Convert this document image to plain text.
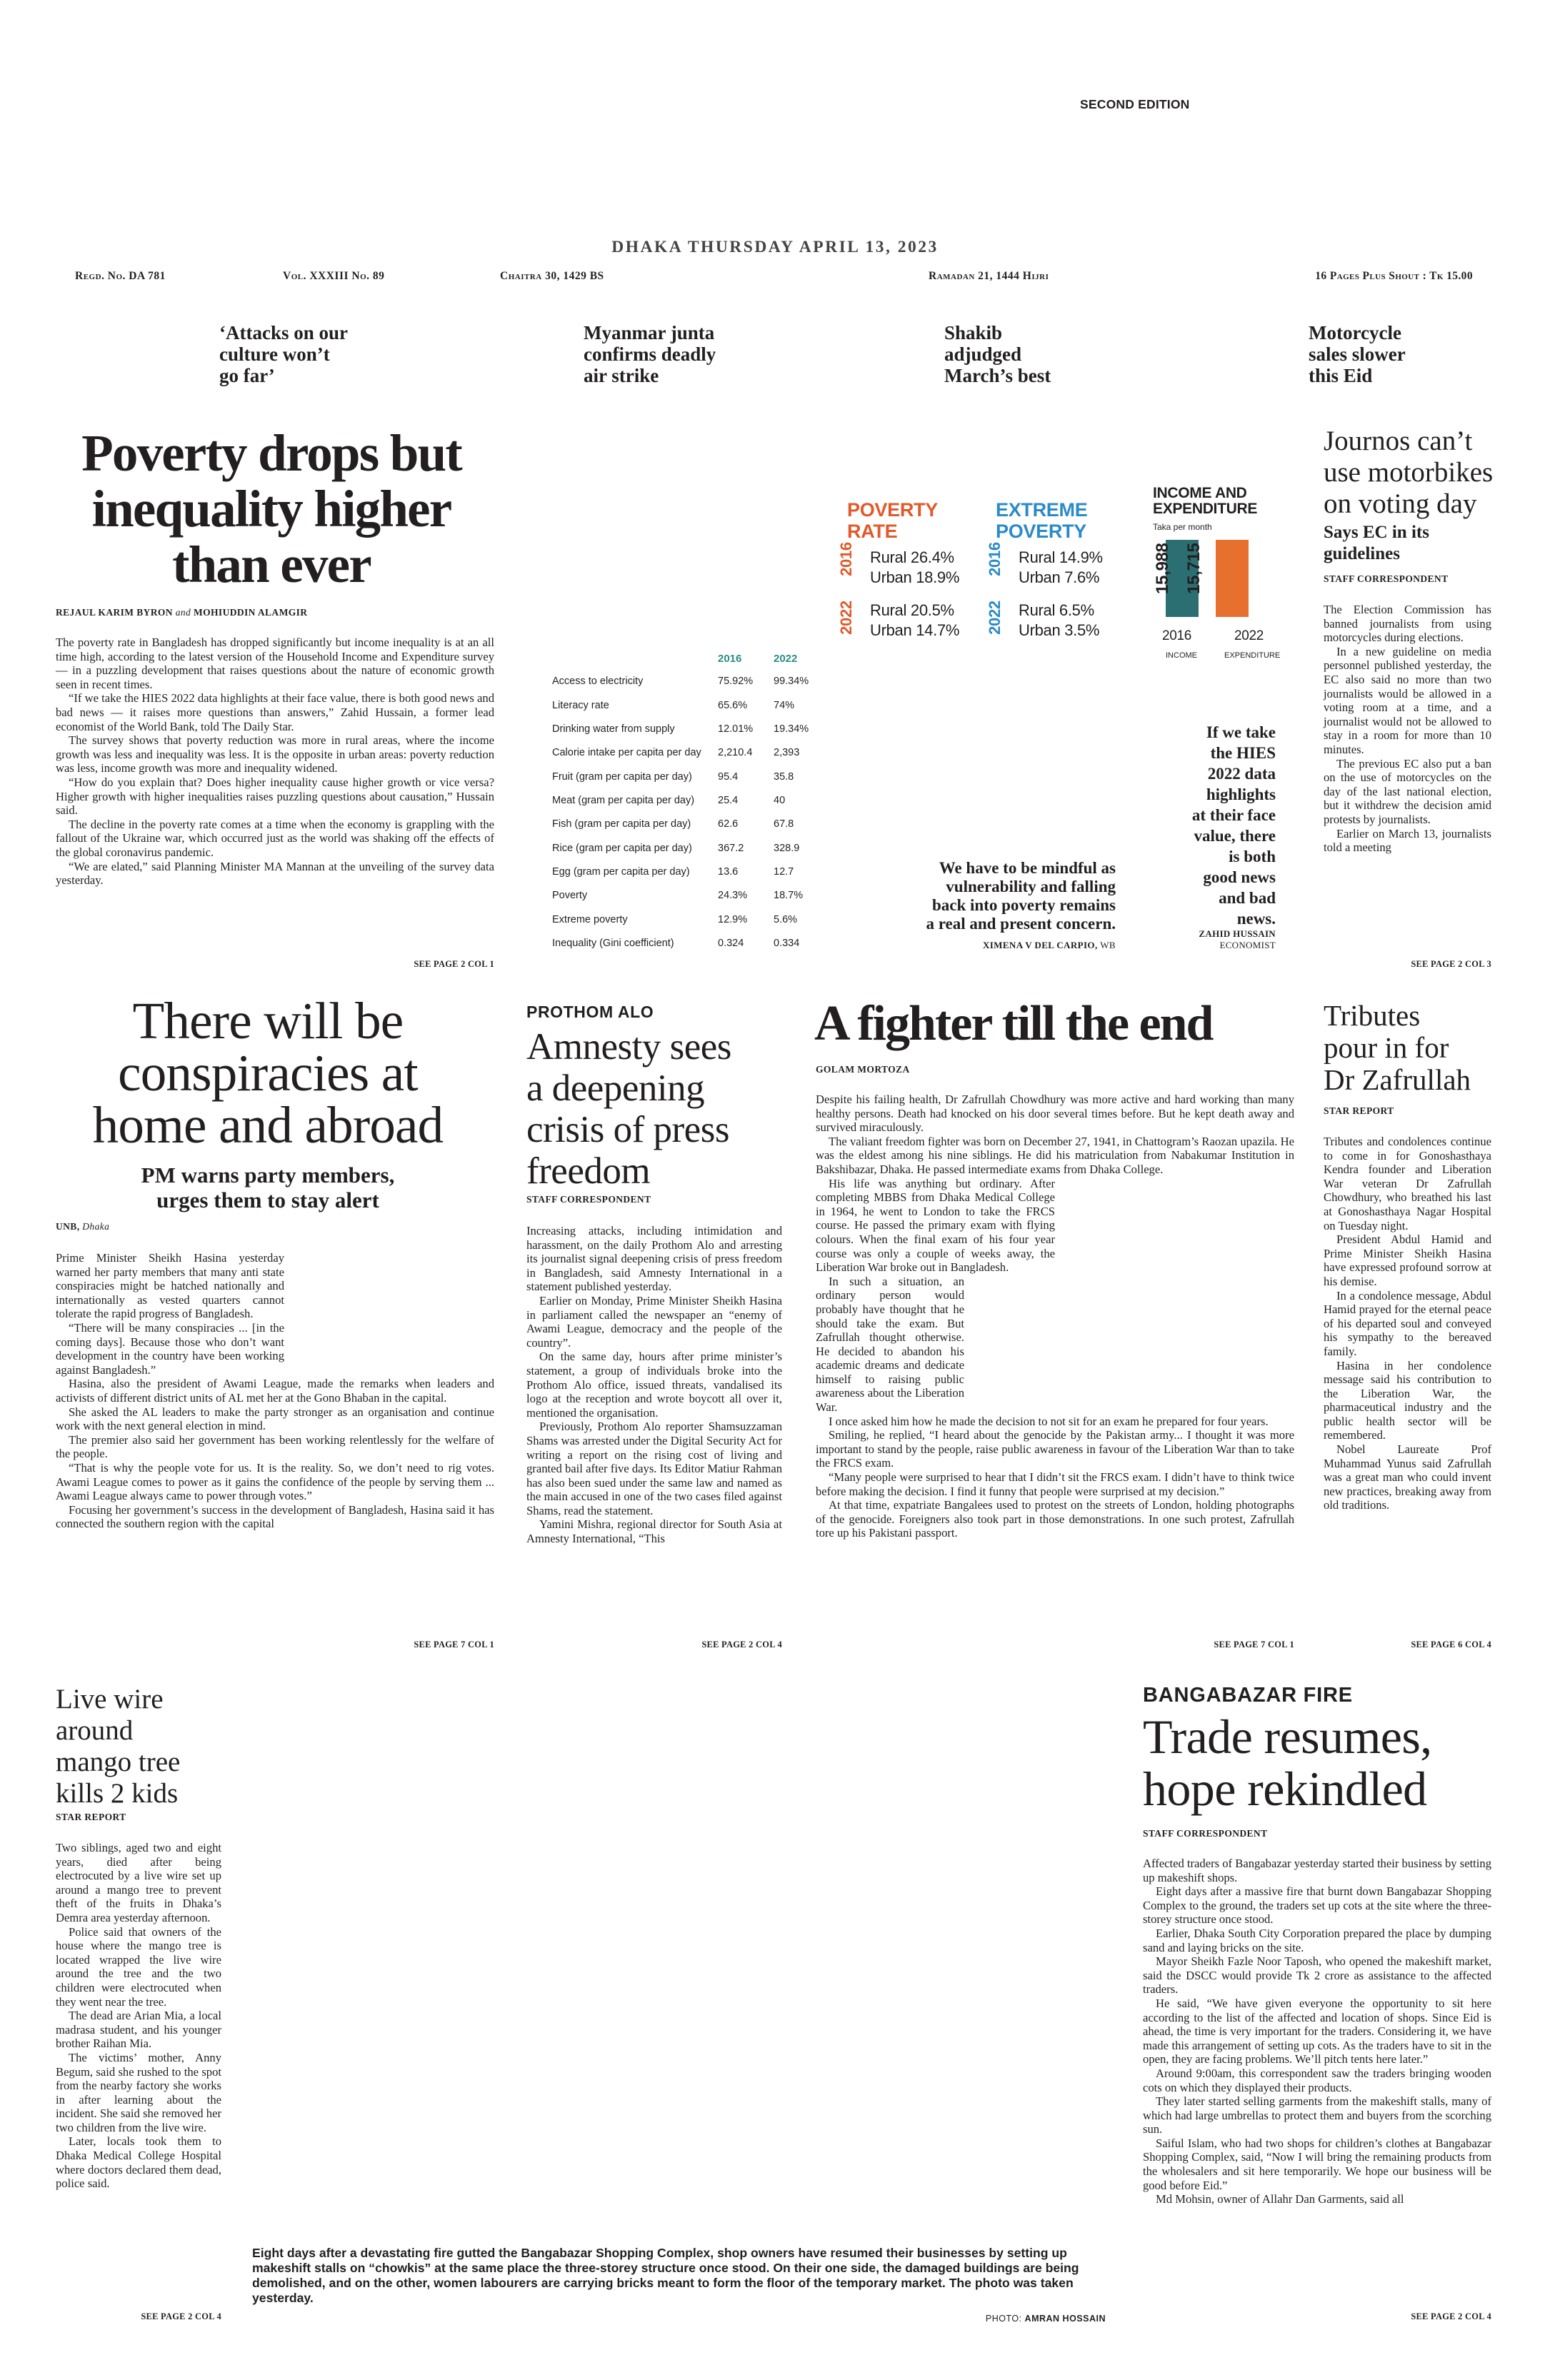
SECOND EDITION
DHAKA THURSDAY APRIL 13, 2023
Regd. No. DA 781	Vol. XXXIII No. 89	Chaitra 30, 1429 BS	Ramadan 21, 1444 Hijri	16 Pages Plus Shout : Tk 15.00
‘Attacks on our
culture won’t
go far’
Myanmar junta
confirms deadly
air strike
Shakib
adjudged
March’s best
Motorcycle
sales slower
this Eid
Poverty drops but
inequality higher
than ever
REJAUL KARIM BYRON and MOHIUDDIN ALAMGIR
The poverty rate in Bangladesh has dropped significantly but income inequality is at an all time high, according to the latest version of the Household Income and Expenditure survey — in a puzzling development that raises questions about the nature of economic growth seen in recent times.
“If we take the HIES 2022 data highlights at their face value, there is both good news and bad news — it raises more questions than answers,” Zahid Hussain, a former lead economist of the World Bank, told The Daily Star.
The survey shows that poverty reduction was more in rural areas, where the income growth was less and inequality was less. It is the opposite in urban areas: poverty reduction was less, income growth was more and inequality widened.
“How do you explain that? Does higher inequality cause higher growth or vice versa? Higher growth with higher inequalities raises puzzling questions about causation,” Hussain said.
The decline in the poverty rate comes at a time when the economy is grappling with the fallout of the Ukraine war, which occurred just as the world was shaking off the effects of the global coronavirus pandemic.
“We are elated,” said Planning Minister MA Mannan at the unveiling of the survey data yesterday.
SEE PAGE 2 COL 1
2016	2022
Access to electricity	75.92% 99.34%
Literacy rate	65.6%	74%
Drinking water from supply	12.01% 19.34%
Calorie intake per capita per day 2,210.4 2,393
Fruit (gram per capita per day) 95.4	35.8
Meat (gram per capita per day) 25.4	40
Fish (gram per capita per day)	62.6	67.8
Rice (gram per capita per day) 367.2	328.9
Egg (gram per capita per day)	13.6	12.7
Poverty	24.3%	18.7%
Extreme poverty	12.9%	5.6%
Inequality (Gini coefficient)	0.324	0.334
POVERTY
RATE
EXTREME
POVERTY
2016
2022
2016
2022
Rural 26.4%
Urban 18.9%
Rural 20.5%
Urban 14.7%
Rural 14.9%
Urban 7.6%
Rural 6.5%
Urban 3.5%
INCOME AND
EXPENDITURE
Taka per month
15,988 15,715
2016	2022
INCOME	EXPENDITURE
We have to be mindful as
vulnerability and falling
back into poverty remains
a real and present concern.
XIMENA V DEL CARPIO, WB
If we take
the HIES
2022 data
highlights
at their face
value, there
is both
good news
and bad
news.
ZAHID HUSSAIN
ECONOMIST
Journos can’t
use motorbikes
on voting day
Says EC in its
guidelines
STAFF CORRESPONDENT
The Election Commission has banned journalists from using motorcycles during elections.
In a new guideline on media personnel published yesterday, the EC also said no more than two journalists would be allowed in a voting room at a time, and a journalist would not be allowed to stay in a room for more than 10 minutes.
The previous EC also put a ban on the use of motorcycles on the day of the last national election, but it withdrew the decision amid protests by journalists.
Earlier on March 13, journalists told a meeting
SEE PAGE 2 COL 3
There will be
conspiracies at
home and abroad
PM warns party members,
urges them to stay alert
UNB, Dhaka
Prime Minister Sheikh Hasina yesterday warned her party members that many anti state conspiracies might be hatched nationally and internationally as vested quarters cannot tolerate the rapid progress of Bangladesh.
“There will be many conspiracies ... [in the coming days]. Because those who don’t want development in the country have been working against Bangladesh.”
Hasina, also the president of Awami League, made the remarks when leaders and activists of different district units of AL met her at the Gono Bhaban in the capital.
She asked the AL leaders to make the party stronger as an organisation and continue work with the next general election in mind.
The premier also said her government has been working relentlessly for the welfare of the people.
“That is why the people vote for us. It is the reality. So, we don’t need to rig votes. Awami League comes to power as it gains the confidence of the people by serving them ... Awami League always came to power through votes.”
Focusing her government’s success in the development of Bangladesh, Hasina said it has connected the southern region with the capital
SEE PAGE 7 COL 1
PROTHOM ALO
Amnesty sees
a deepening
crisis of press
freedom
STAFF CORRESPONDENT
Increasing attacks, including intimidation and harassment, on the daily Prothom Alo and arresting its journalist signal deepening crisis of press freedom in Bangladesh, said Amnesty International in a statement published yesterday.
Earlier on Monday, Prime Minister Sheikh Hasina in parliament called the newspaper an “enemy of Awami League, democracy and the people of the country”.
On the same day, hours after prime minister’s statement, a group of individuals broke into the Prothom Alo office, issued threats, vandalised its logo at the reception and wrote boycott all over it, mentioned the organisation.
Previously, Prothom Alo reporter Shamsuzzaman Shams was arrested under the Digital Security Act for writing a report on the rising cost of living and granted bail after five days. Its Editor Matiur Rahman has also been sued under the same law and named as the main accused in one of the two cases filed against Shams, read the statement.
Yamini Mishra, regional director for South Asia at Amnesty International, “This
SEE PAGE 2 COL 4
A fighter till the end
GOLAM MORTOZA
Despite his failing health, Dr Zafrullah Chowdhury was more active and hard working than many healthy persons. Death had knocked on his door several times before. But he kept death away and survived miraculously.
The valiant freedom fighter was born on December 27, 1941, in Chattogram’s Raozan upazila. He was the eldest among his nine siblings. He did his matriculation from Nabakumar Institution in Bakshibazar, Dhaka. He passed intermediate exams from Dhaka College.
His life was anything but ordinary. After completing MBBS from Dhaka Medical College in 1964, he went to London to take the FRCS course. He passed the primary exam with flying colours. When the final exam of his four year course was only a couple of weeks away, the Liberation War broke out in Bangladesh.
In such a situation, an ordinary person would probably have thought that he should take the exam. But Zafrullah thought otherwise. He decided to abandon his academic dreams and dedicate himself to raising public awareness about the Liberation War.
I once asked him how he made the decision to not sit for an exam he prepared for four years.
Smiling, he replied, “I heard about the genocide by the Pakistan army... I thought it was more important to stand by the people, raise public awareness in favour of the Liberation War than to take the FRCS exam.
“Many people were surprised to hear that I didn’t sit the FRCS exam. I didn’t have to think twice before making the decision. I find it funny that people were surprised at my decision.”
At that time, expatriate Bangalees used to protest on the streets of London, holding photographs of the genocide. Foreigners also took part in those demonstrations. In one such protest, Zafrullah tore up his Pakistani passport.
SEE PAGE 7 COL 1
Tributes
pour in for
Dr Zafrullah
STAR REPORT
Tributes and condolences continue to come in for Gonoshasthaya Kendra founder and Liberation War veteran Dr Zafrullah Chowdhury, who breathed his last at Gonoshasthaya Nagar Hospital on Tuesday night.
President Abdul Hamid and Prime Minister Sheikh Hasina have expressed profound sorrow at his demise.
In a condolence message, Abdul Hamid prayed for the eternal peace of his departed soul and conveyed his sympathy to the bereaved family.
Hasina in her condolence message said his contribution to the Liberation War, the pharmaceutical industry and the public health sector will be remembered.
Nobel Laureate Prof Muhammad Yunus said Zafrullah was a great man who could invent new practices, breaking away from old traditions.
SEE PAGE 6 COL 4
Live wire
around
mango tree
kills 2 kids
STAR REPORT
Two siblings, aged two and eight years, died after being electrocuted by a live wire set up around a mango tree to prevent theft of the fruits in Dhaka’s Demra area yesterday afternoon.
Police said that owners of the house where the mango tree is located wrapped the live wire around the tree and the two children were electrocuted when they went near the tree.
The dead are Arian Mia, a local madrasa student, and his younger brother Raihan Mia.
The victims’ mother, Anny Begum, said she rushed to the spot from the nearby factory she works in after learning about the incident. She said she removed her two children from the live wire.
Later, locals took them to Dhaka Medical College Hospital where doctors declared them dead, police said.
SEE PAGE 2 COL 4
Eight days after a devastating fire gutted the Bangabazar Shopping Complex, shop owners have resumed their businesses by setting up makeshift stalls on “chowkis” at the same place the three-storey structure once stood. On their one side, the damaged buildings are being demolished, and on the other, women labourers are carrying bricks meant to form the floor of the temporary market. The photo was taken yesterday.
PHOTO: AMRAN HOSSAIN
BANGABAZAR FIRE
Trade resumes,
hope rekindled
STAFF CORRESPONDENT
Affected traders of Bangabazar yesterday started their business by setting up makeshift shops.
Eight days after a massive fire that burnt down Bangabazar Shopping Complex to the ground, the traders set up cots at the site where the three-storey structure once stood.
Earlier, Dhaka South City Corporation prepared the place by dumping sand and laying bricks on the site.
Mayor Sheikh Fazle Noor Taposh, who opened the makeshift market, said the DSCC would provide Tk 2 crore as assistance to the affected traders.
He said, “We have given everyone the opportunity to sit here according to the list of the affected and location of shops. Since Eid is ahead, the time is very important for the traders. Considering it, we have made this arrangement of setting up cots. As the traders have to sit in the open, they are facing problems. We’ll pitch tents here later.”
Around 9:00am, this correspondent saw the traders bringing wooden cots on which they displayed their products.
They later started selling garments from the makeshift stalls, many of which had large umbrellas to protect them and buyers from the scorching sun.
Saiful Islam, who had two shops for children’s clothes at Bangabazar Shopping Complex, said, “Now I will bring the remaining products from the wholesalers and sit here temporarily. We hope our business will be good before Eid.”
Md Mohsin, owner of Allahr Dan Garments, said all
SEE PAGE 2 COL 4
